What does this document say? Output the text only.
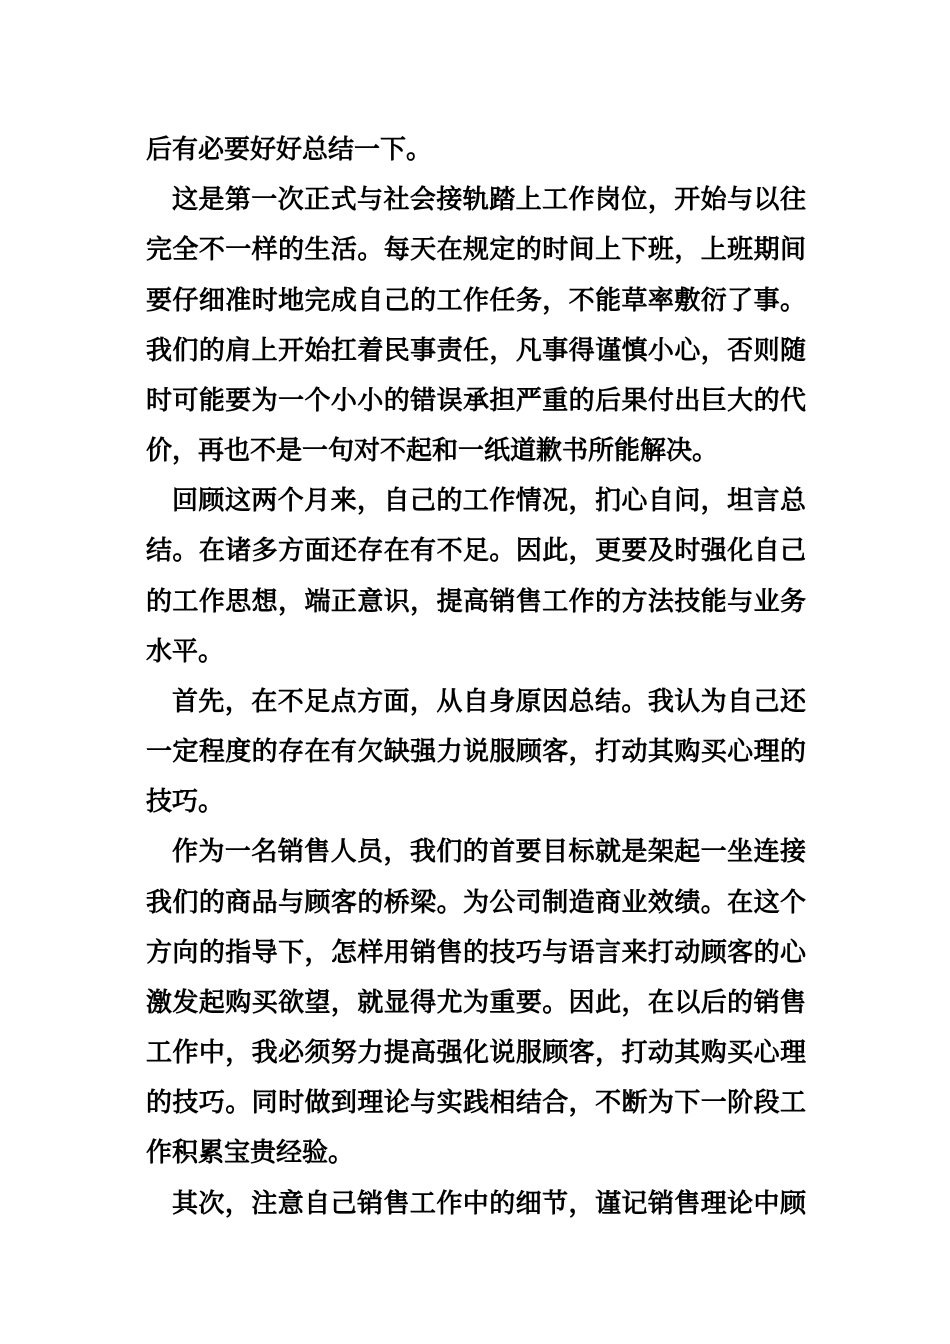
后有必要好好总结一下。
这是第一次正式与社会接轨踏上工作岗位，开始与以往
完全不一样的生活。每天在规定的时间上下班，上班期间
要仔细准时地完成自己的工作任务，不能草率敷衍了事。
我们的肩上开始扛着民事责任，凡事得谨慎小心，否则随
时可能要为一个小小的错误承担严重的后果付出巨大的代
价，再也不是一句对不起和一纸道歉书所能解决。
回顾这两个月来，自己的工作情况，扪心自问，坦言总
结。在诸多方面还存在有不足。因此，更要及时强化自己
的工作思想，端正意识，提高销售工作的方法技能与业务
水平。
首先，在不足点方面，从自身原因总结。我认为自己还
一定程度的存在有欠缺强力说服顾客，打动其购买心理的
技巧。
作为一名销售人员，我们的首要目标就是架起一坐连接
我们的商品与顾客的桥梁。为公司制造商业效绩。在这个
方向的指导下，怎样用销售的技巧与语言来打动顾客的心
激发起购买欲望，就显得尤为重要。因此，在以后的销售
工作中，我必须努力提高强化说服顾客，打动其购买心理
的技巧。同时做到理论与实践相结合，不断为下一阶段工
作积累宝贵经验。
其次，注意自己销售工作中的细节，谨记销售理论中顾
